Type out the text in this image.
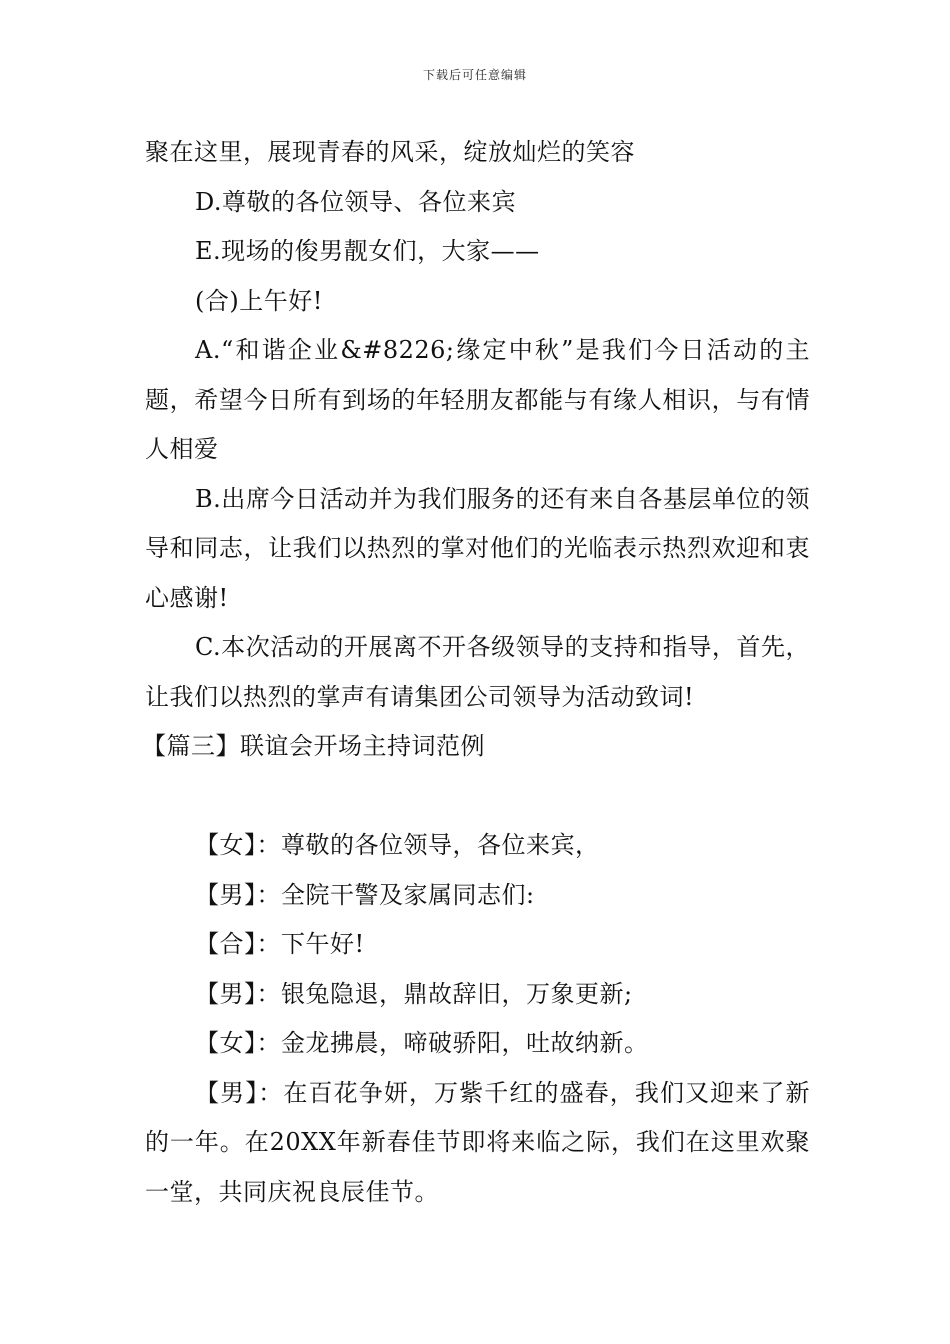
下载后可任意编辑

聚在这里，展现青春的风采，绽放灿烂的笑容

D.尊敬的各位领导、各位来宾

E.现场的俊男靓女们，大家——

(合)上午好!

A.“和谐企业&#8226;缘定中秋”是我们今日活动的主题，希望今日所有到场的年轻朋友都能与有缘人相识，与有情人相爱

B.出席今日活动并为我们服务的还有来自各基层单位的领导和同志，让我们以热烈的掌对他们的光临表示热烈欢迎和衷心感谢!

C.本次活动的开展离不开各级领导的支持和指导，首先，让我们以热烈的掌声有请集团公司领导为活动致词!

【篇三】联谊会开场主持词范例

【女】：尊敬的各位领导，各位来宾，

【男】：全院干警及家属同志们:

【合】：下午好!

【男】：银兔隐退，鼎故辞旧，万象更新;

【女】：金龙拂晨，啼破骄阳，吐故纳新。

【男】：在百花争妍，万紫千红的盛春，我们又迎来了新的一年。在20XX年新春佳节即将来临之际，我们在这里欢聚一堂，共同庆祝良辰佳节。
